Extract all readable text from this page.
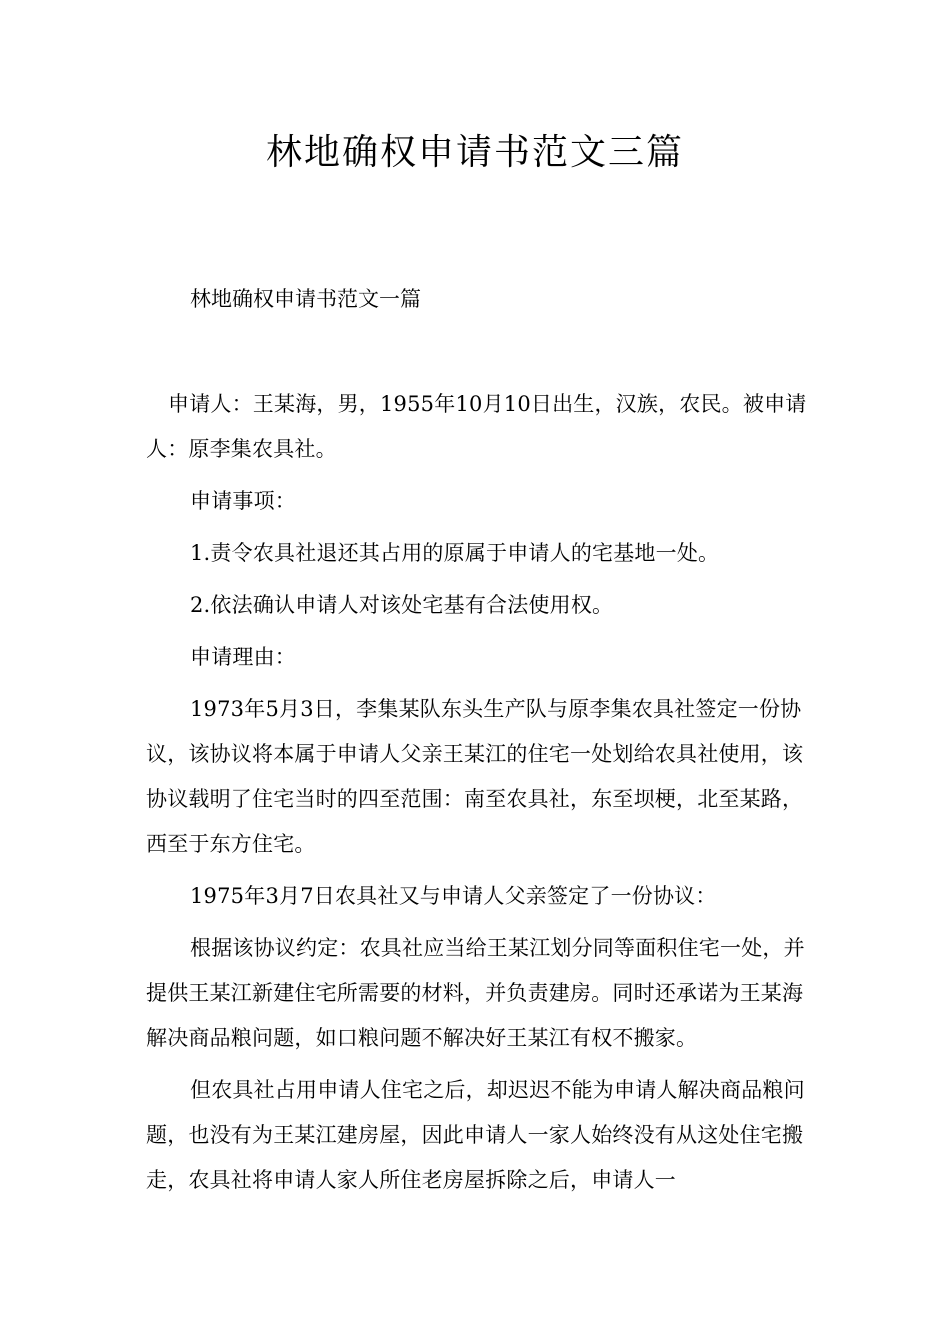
林地确权申请书范文三篇
林地确权申请书范文一篇

申请人：王某海，男，1955年10月10日出生，汉族，农民。被申请人：原李集农具社。

申请事项：

1.责令农具社退还其占用的原属于申请人的宅基地一处。

2.依法确认申请人对该处宅基有合法使用权。

申请理由：

1973年5月3日，李集某队东头生产队与原李集农具社签定一份协议，该协议将本属于申请人父亲王某江的住宅一处划给农具社使用，该协议载明了住宅当时的四至范围：南至农具社，东至坝梗，北至某路，西至于东方住宅。

1975年3月7日农具社又与申请人父亲签定了一份协议：

根据该协议约定：农具社应当给王某江划分同等面积住宅一处，并提供王某江新建住宅所需要的材料，并负责建房。同时还承诺为王某海解决商品粮问题，如口粮问题不解决好王某江有权不搬家。

但农具社占用申请人住宅之后，却迟迟不能为申请人解决商品粮问题，也没有为王某江建房屋，因此申请人一家人始终没有从这处住宅搬走，农具社将申请人家人所住老房屋拆除之后，申请人一
